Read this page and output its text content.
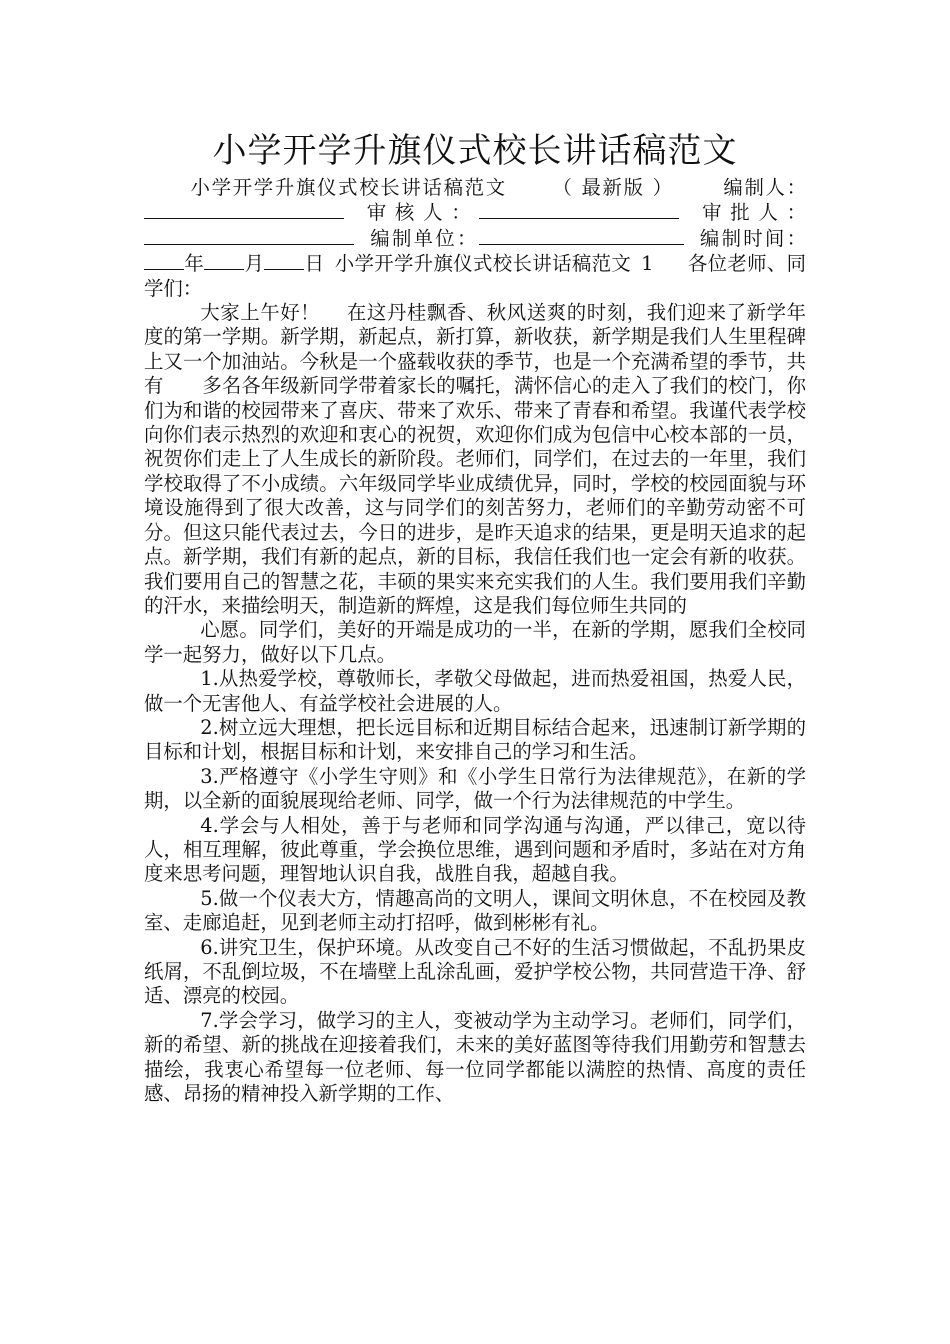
小学开学升旗仪式校长讲话稿范文

小学开学升旗仪式校长讲话稿范文 （ 最新版 ） 编制人：审核人：	审批人：编制单位：	编制时间：年 月 日 小学开学升旗仪式校长讲话稿范文 1 各位老师、同学们：

大家上午好！　 在这丹桂飘香、秋风送爽的时刻，我们迎来了新学年度的第一学期。新学期，新起点，新打算，新收获，新学期是我们人生里程碑上又一个加油站。今秋是一个盛载收获的季节，也是一个充满希望的季节，共有　　多名各年级新同学带着家长的嘱托，满怀信心的走入了我们的校门，你们为和谐的校园带来了喜庆、带来了欢乐、带来了青春和希望。我谨代表学校向你们表示热烈的欢迎和衷心的祝贺，欢迎你们成为包信中心校本部的一员，祝贺你们走上了人生成长的新阶段。老师们，同学们，在过去的一年里，我们学校取得了不小成绩。六年级同学毕业成绩优异，同时，学校的校园面貌与环境设施得到了很大改善，这与同学们的刻苦努力，老师们的辛勤劳动密不可分。但这只能代表过去，今日的进步，是昨天追求的结果，更是明天追求的起点。新学期，我们有新的起点，新的目标，我信任我们也一定会有新的收获。我们要用自己的智慧之花，丰硕的果实来充实我们的人生。我们要用我们辛勤的汗水，来描绘明天，制造新的辉煌，这是我们每位师生共同的

心愿。同学们，美好的开端是成功的一半，在新的学期，愿我们全校同学一起努力，做好以下几点。

1.从热爱学校，尊敬师长，孝敬父母做起，进而热爱祖国，热爱人民，做一个无害他人、有益学校社会进展的人。

2.树立远大理想，把长远目标和近期目标结合起来，迅速制订新学期的目标和计划，根据目标和计划，来安排自己的学习和生活。

3.严格遵守《小学生守则》和《小学生日常行为法律规范》，在新的学期，以全新的面貌展现给老师、同学，做一个行为法律规范的中学生。

4.学会与人相处，善于与老师和同学沟通与沟通，严以律己，宽以待人，相互理解，彼此尊重，学会换位思维，遇到问题和矛盾时，多站在对方角度来思考问题，理智地认识自我，战胜自我，超越自我。

5.做一个仪表大方，情趣高尚的文明人，课间文明休息，不在校园及教室、走廊追赶，见到老师主动打招呼，做到彬彬有礼。

6.讲究卫生，保护环境。从改变自己不好的生活习惯做起，不乱扔果皮纸屑，不乱倒垃圾，不在墙壁上乱涂乱画，爱护学校公物，共同营造干净、舒适、漂亮的校园。

7.学会学习，做学习的主人，变被动学为主动学习。老师们，同学们，新的希望、新的挑战在迎接着我们，未来的美好蓝图等待我们用勤劳和智慧去描绘，我衷心希望每一位老师、每一位同学都能以满腔的热情、高度的责任感、昂扬的精神投入新学期的工作、
